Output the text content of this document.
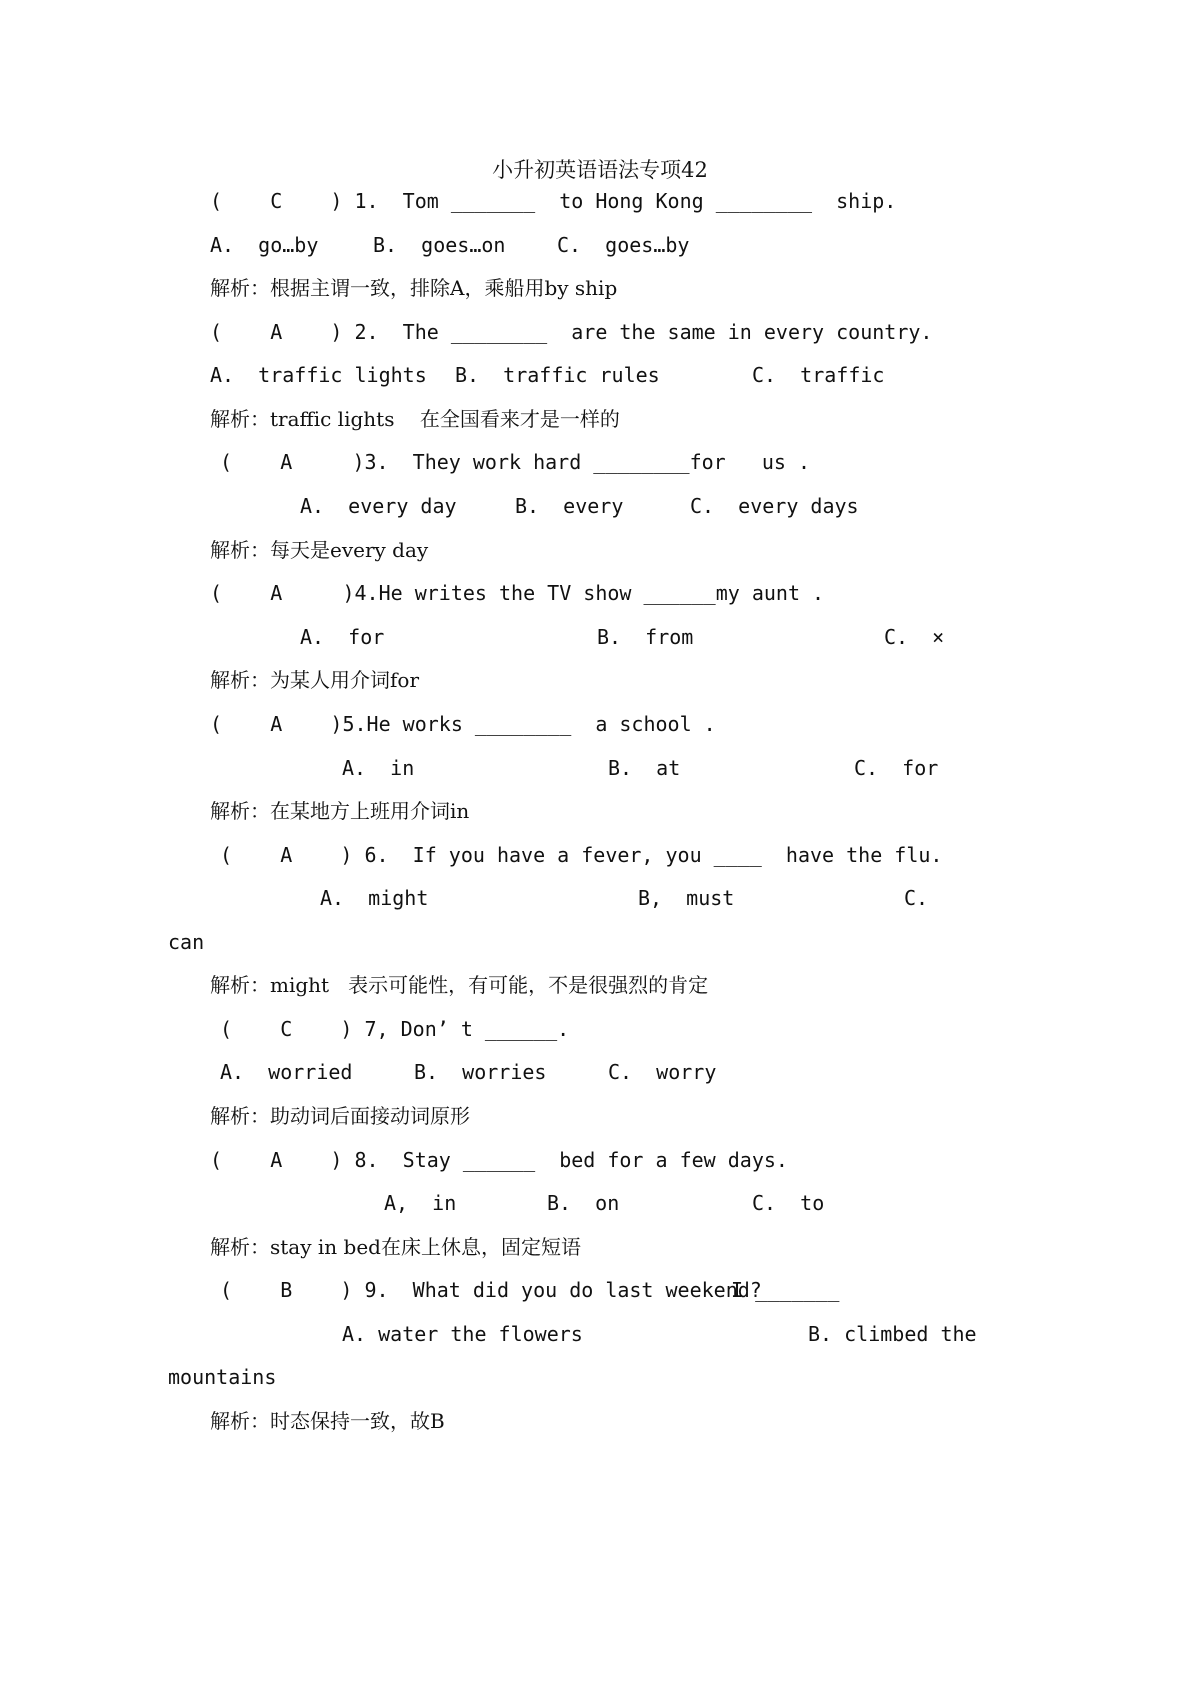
小升初英语语法专项42
(    C    ) 1.  Tom _______  to Hong Kong ________  ship.
A.  go…by	B.  goes…on	C.  goes…by
解析：根据主谓一致，排除A，乘船用by ship
(    A    ) 2.  The ________  are the same in every country.
A.  traffic lights B.  traffic rules	C.  traffic
解析：traffic lights    在全国看来才是一样的
(    A     )3.  They work hard ________for   us .
A.  every day	B.  every	C.  every days
解析：每天是every day
(    A     )4.He writes the TV show ______my aunt .
A.  for	B.  from	C.  ×
解析：为某人用介词for
(    A    )5.He works ________  a school .
A.  in	B.  at	C.  for
解析：在某地方上班用介词in
(    A    ) 6.  If you have a fever, you ____  have the flu.
A.  might	B,  must	C.
can
解析：might   表示可能性，有可能，不是很强烈的肯定
(    C    ) 7, Don’ t ______.
A.  worried	B.  worries	C.  worry
解析：助动词后面接动词原形
(    A    ) 8.  Stay ______  bed for a few days.
A,  in	B.  on	C.  to
解析：stay in bed在床上休息，固定短语
(    B    ) 9.  What did you do last weekend?
I _______
A. water the flowers	B. climbed the
mountains
解析：时态保持一致，故B
